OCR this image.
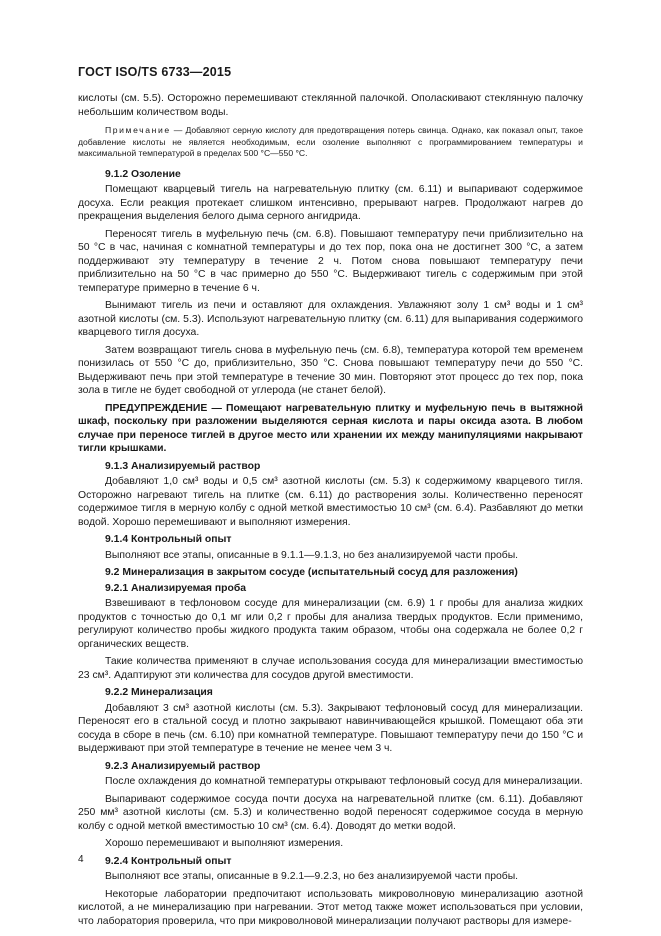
ГОСТ ISO/TS 6733—2015
кислоты (см. 5.5). Осторожно перемешивают стеклянной палочкой. Ополаскивают стеклянную палочку небольшим количеством воды.
Примечание — Добавляют серную кислоту для предотвращения потерь свинца. Однако, как показал опыт, такое добавление кислоты не является необходимым, если озоление выполняют с программированием температуры и максимальной температурой в пределах 500 °С—550 °С.
9.1.2 Озоление
Помещают кварцевый тигель на нагревательную плитку (см. 6.11) и выпаривают содержимое досуха. Если реакция протекает слишком интенсивно, прерывают нагрев. Продолжают нагрев до прекращения выделения белого дыма серного ангидрида.
Переносят тигель в муфельную печь (см. 6.8). Повышают температуру печи приблизительно на 50 °С в час, начиная с комнатной температуры и до тех пор, пока она не достигнет 300 °С, а затем поддерживают эту температуру в течение 2 ч. Потом снова повышают температуру печи приблизительно на 50 °С в час примерно до 550 °С. Выдерживают тигель с содержимым при этой температуре примерно в течение 6 ч.
Вынимают тигель из печи и оставляют для охлаждения. Увлажняют золу 1 см³ воды и 1 см³ азотной кислоты (см. 5.3). Используют нагревательную плитку (см. 6.11) для выпаривания содержимого кварцевого тигля досуха.
Затем возвращают тигель снова в муфельную печь (см. 6.8), температура которой тем временем понизилась от 550 °С до, приблизительно, 350 °С. Снова повышают температуру печи до 550 °С. Выдерживают печь при этой температуре в течение 30 мин. Повторяют этот процесс до тех пор, пока зола в тигле не будет свободной от углерода (не станет белой).
ПРЕДУПРЕЖДЕНИЕ — Помещают нагревательную плитку и муфельную печь в вытяжной шкаф, поскольку при разложении выделяются серная кислота и пары оксида азота. В любом случае при переносе тиглей в другое место или хранении их между манипуляциями накрывают тигли крышками.
9.1.3 Анализируемый раствор
Добавляют 1,0 см³ воды и 0,5 см³ азотной кислоты (см. 5.3) к содержимому кварцевого тигля. Осторожно нагревают тигель на плитке (см. 6.11) до растворения золы. Количественно переносят содержимое тигля в мерную колбу с одной меткой вместимостью 10 см³ (см. 6.4). Разбавляют до метки водой. Хорошо перемешивают и выполняют измерения.
9.1.4 Контрольный опыт
Выполняют все этапы, описанные в 9.1.1—9.1.3, но без анализируемой части пробы.
9.2 Минерализация в закрытом сосуде (испытательный сосуд для разложения)
9.2.1 Анализируемая проба
Взвешивают в тефлоновом сосуде для минерализации (см. 6.9) 1 г пробы для анализа жидких продуктов с точностью до 0,1 мг или 0,2 г пробы для анализа твердых продуктов. Если применимо, регулируют количество пробы жидкого продукта таким образом, чтобы она содержала не более 0,2 г органических веществ.
Такие количества применяют в случае использования сосуда для минерализации вместимостью 23 см³. Адаптируют эти количества для сосудов другой вместимости.
9.2.2 Минерализация
Добавляют 3 см³ азотной кислоты (см. 5.3). Закрывают тефлоновый сосуд для минерализации. Переносят его в стальной сосуд и плотно закрывают навинчивающейся крышкой. Помещают оба эти сосуда в сборе в печь (см. 6.10) при комнатной температуре. Повышают температуру печи до 150 °С и выдерживают при этой температуре в течение не менее чем 3 ч.
9.2.3 Анализируемый раствор
После охлаждения до комнатной температуры открывают тефлоновый сосуд для минерализации.
Выпаривают содержимое сосуда почти досуха на нагревательной плитке (см. 6.11). Добавляют 250 мм³ азотной кислоты (см. 5.3) и количественно водой переносят содержимое сосуда в мерную колбу с одной меткой вместимостью 10 см³ (см. 6.4). Доводят до метки водой.
Хорошо перемешивают и выполняют измерения.
9.2.4 Контрольный опыт
Выполняют все этапы, описанные в 9.2.1—9.2.3, но без анализируемой части пробы.
Некоторые лаборатории предпочитают использовать микроволновую минерализацию азотной кислотой, а не минерализацию при нагревании. Этот метод также может использоваться при условии, что лаборатория проверила, что при микроволновой минерализации получают растворы для измере-
4
